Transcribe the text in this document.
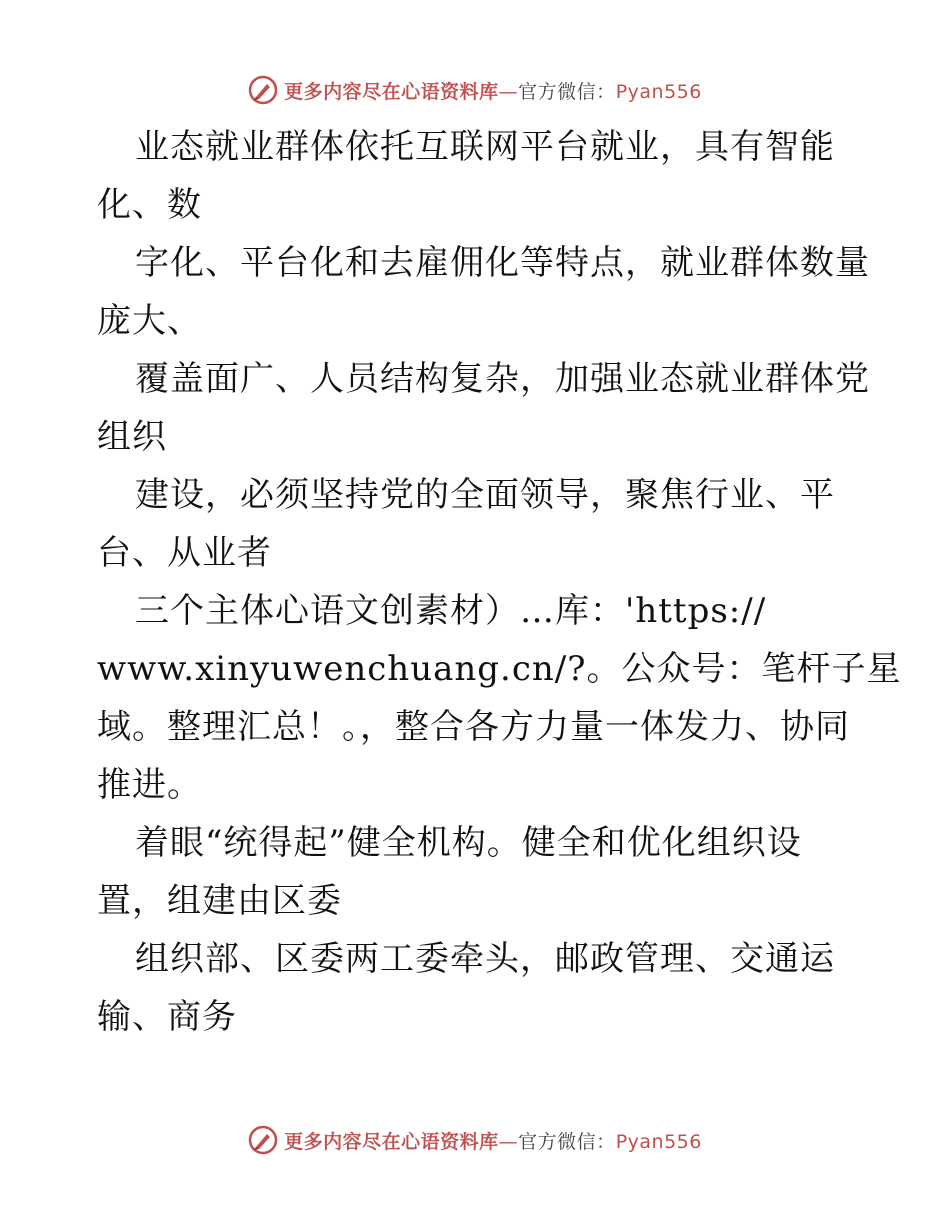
更多内容尽在心语资料库—官方微信：Pyan556
业态就业群体依托互联网平台就业，具有智能
化、数
字化、平台化和去雇佣化等特点，就业群体数量
庞大、
覆盖面广、人员结构复杂，加强业态就业群体党
组织
建设，必须坚持党的全面领导，聚焦行业、平
台、从业者
三个主体心语文创素材）…库：'https://
www.xinyuwenchuang.cn/?。公众号：笔杆子星
域。整理汇总！。，整合各方力量一体发力、协同
推进。
着眼“统得起”健全机构。健全和优化组织设
置，组建由区委
组织部、区委两工委牵头，邮政管理、交通运
输、商务
更多内容尽在心语资料库—官方微信：Pyan556
